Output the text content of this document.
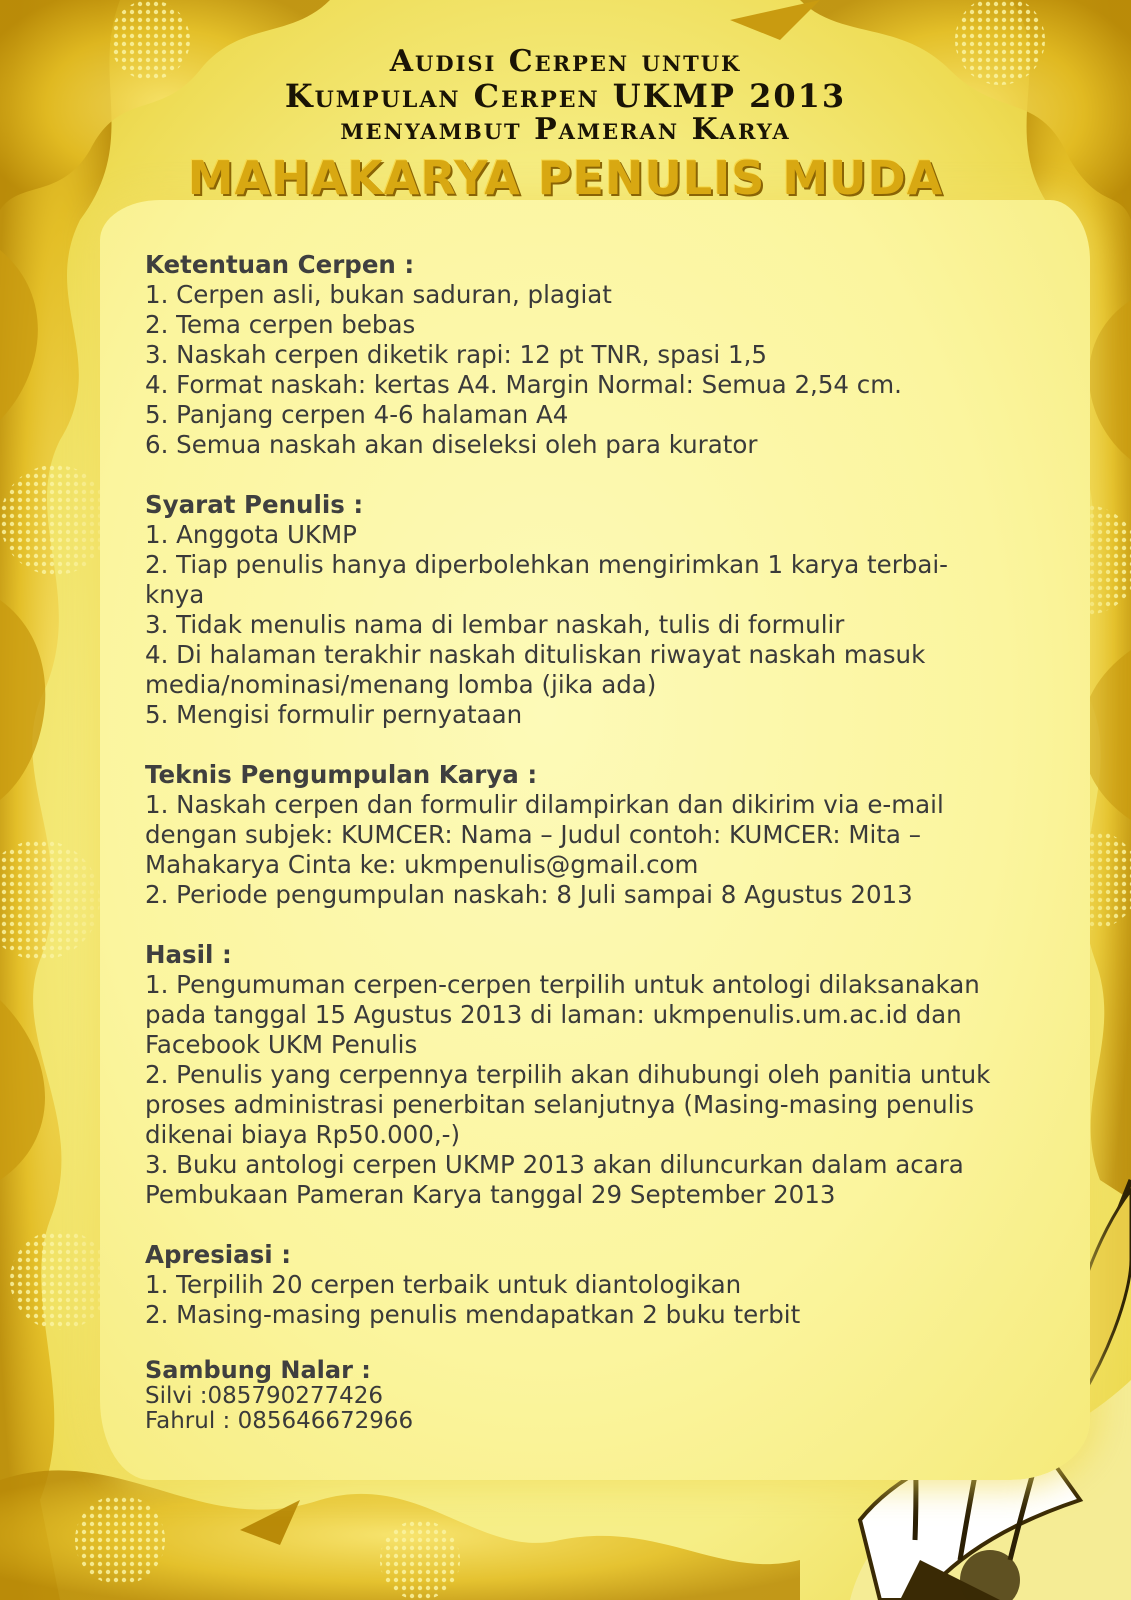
Audisi Cerpen untuk
Kumpulan Cerpen UKMP 2013
menyambut Pameran Karya
MAHAKARYA PENULIS MUDA
Ketentuan Cerpen :
1. Cerpen asli, bukan saduran, plagiat
2. Tema cerpen bebas
3. Naskah cerpen diketik rapi: 12 pt TNR, spasi 1,5
4. Format naskah: kertas A4. Margin Normal: Semua 2,54 cm.
5. Panjang cerpen 4-6 halaman A4
6. Semua naskah akan diseleksi oleh para kurator
Syarat Penulis :
1. Anggota UKMP
2. Tiap penulis hanya diperbolehkan mengirimkan 1 karya terbai-
knya
3. Tidak menulis nama di lembar naskah, tulis di formulir
4. Di halaman terakhir naskah dituliskan riwayat naskah masuk
media/nominasi/menang lomba (jika ada)
5. Mengisi formulir pernyataan
Teknis Pengumpulan Karya :
1. Naskah cerpen dan formulir dilampirkan dan dikirim via e-mail
dengan subjek: KUMCER: Nama – Judul contoh: KUMCER: Mita –
Mahakarya Cinta ke: ukmpenulis@gmail.com
2. Periode pengumpulan naskah: 8 Juli sampai 8 Agustus 2013
Hasil :
1. Pengumuman cerpen-cerpen terpilih untuk antologi dilaksanakan
pada tanggal 15 Agustus 2013 di laman: ukmpenulis.um.ac.id dan
Facebook UKM Penulis
2. Penulis yang cerpennya terpilih akan dihubungi oleh panitia untuk
proses administrasi penerbitan selanjutnya (Masing-masing penulis
dikenai biaya Rp50.000,-)
3. Buku antologi cerpen UKMP 2013 akan diluncurkan dalam acara
Pembukaan Pameran Karya tanggal 29 September 2013
Apresiasi :
1. Terpilih 20 cerpen terbaik untuk diantologikan
2. Masing-masing penulis mendapatkan 2 buku terbit
Sambung Nalar :
Silvi :085790277426
Fahrul : 085646672966
